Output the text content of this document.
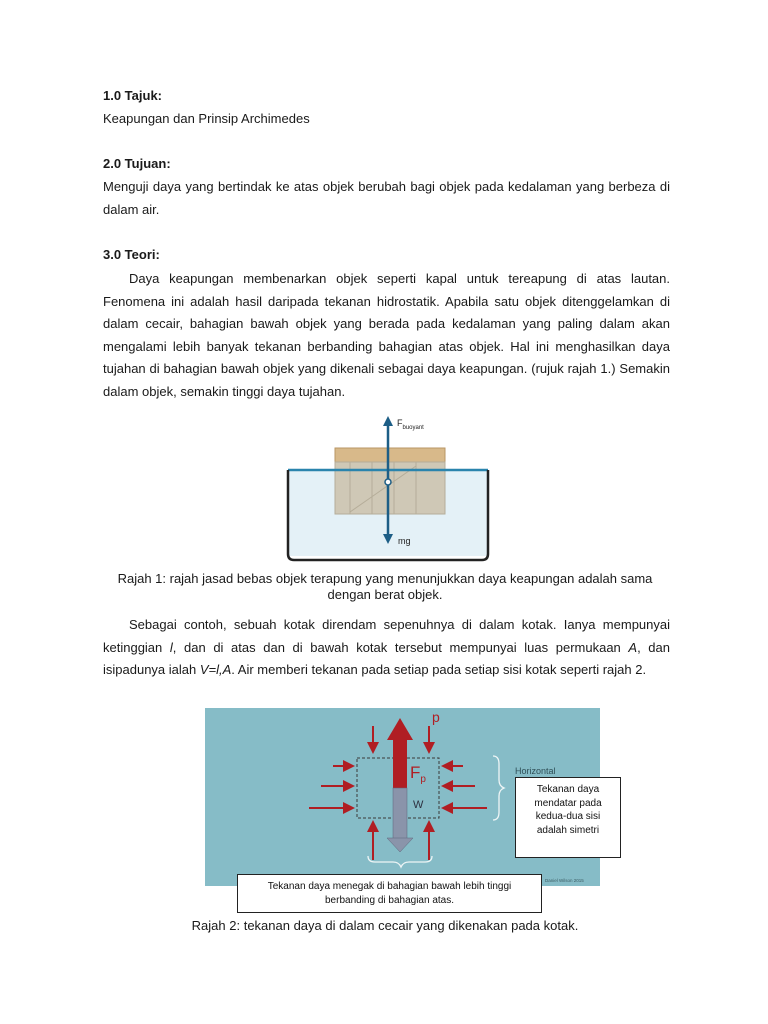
1.0 Tajuk:
Keapungan dan Prinsip Archimedes
2.0 Tujuan:
Menguji daya yang bertindak ke atas objek berubah bagi objek pada kedalaman yang berbeza di dalam air.
3.0 Teori:
Daya keapungan membenarkan objek seperti kapal untuk tereapung di atas lautan. Fenomena ini adalah hasil daripada tekanan hidrostatik. Apabila satu objek ditenggelamkan di dalam cecair, bahagian bawah objek yang berada pada kedalaman yang paling dalam akan mengalami lebih banyak tekanan berbanding bahagian atas objek. Hal ini menghasilkan daya tujahan di bahagian bawah objek yang dikenali sebagai daya keapungan. (rujuk rajah 1.) Semakin dalam objek, semakin tinggi daya tujahan.
$F_{buoyant}$
mg
Rajah 1: rajah jasad bebas objek terapung yang menunjukkan daya keapungan adalah sama dengan berat objek.
Sebagai contoh, sebuah kotak direndam sepenuhnya di dalam kotak. Ianya mempunyai ketinggian l, dan di atas dan di bawah kotak tersebut mempunyai luas permukaan A, dan isipadunya ialah V=l,A. Air memberi tekanan pada setiap pada setiap sisi kotak seperti rajah 2.
p
$F_p$
W
Horizontal
Daniel Wilson 2015
Tekanan daya mendatar pada kedua-dua sisi adalah simetri
Tekanan daya menegak di bahagian bawah lebih tinggi berbanding di bahagian atas.
Rajah 2: tekanan daya di dalam cecair yang dikenakan pada kotak.
